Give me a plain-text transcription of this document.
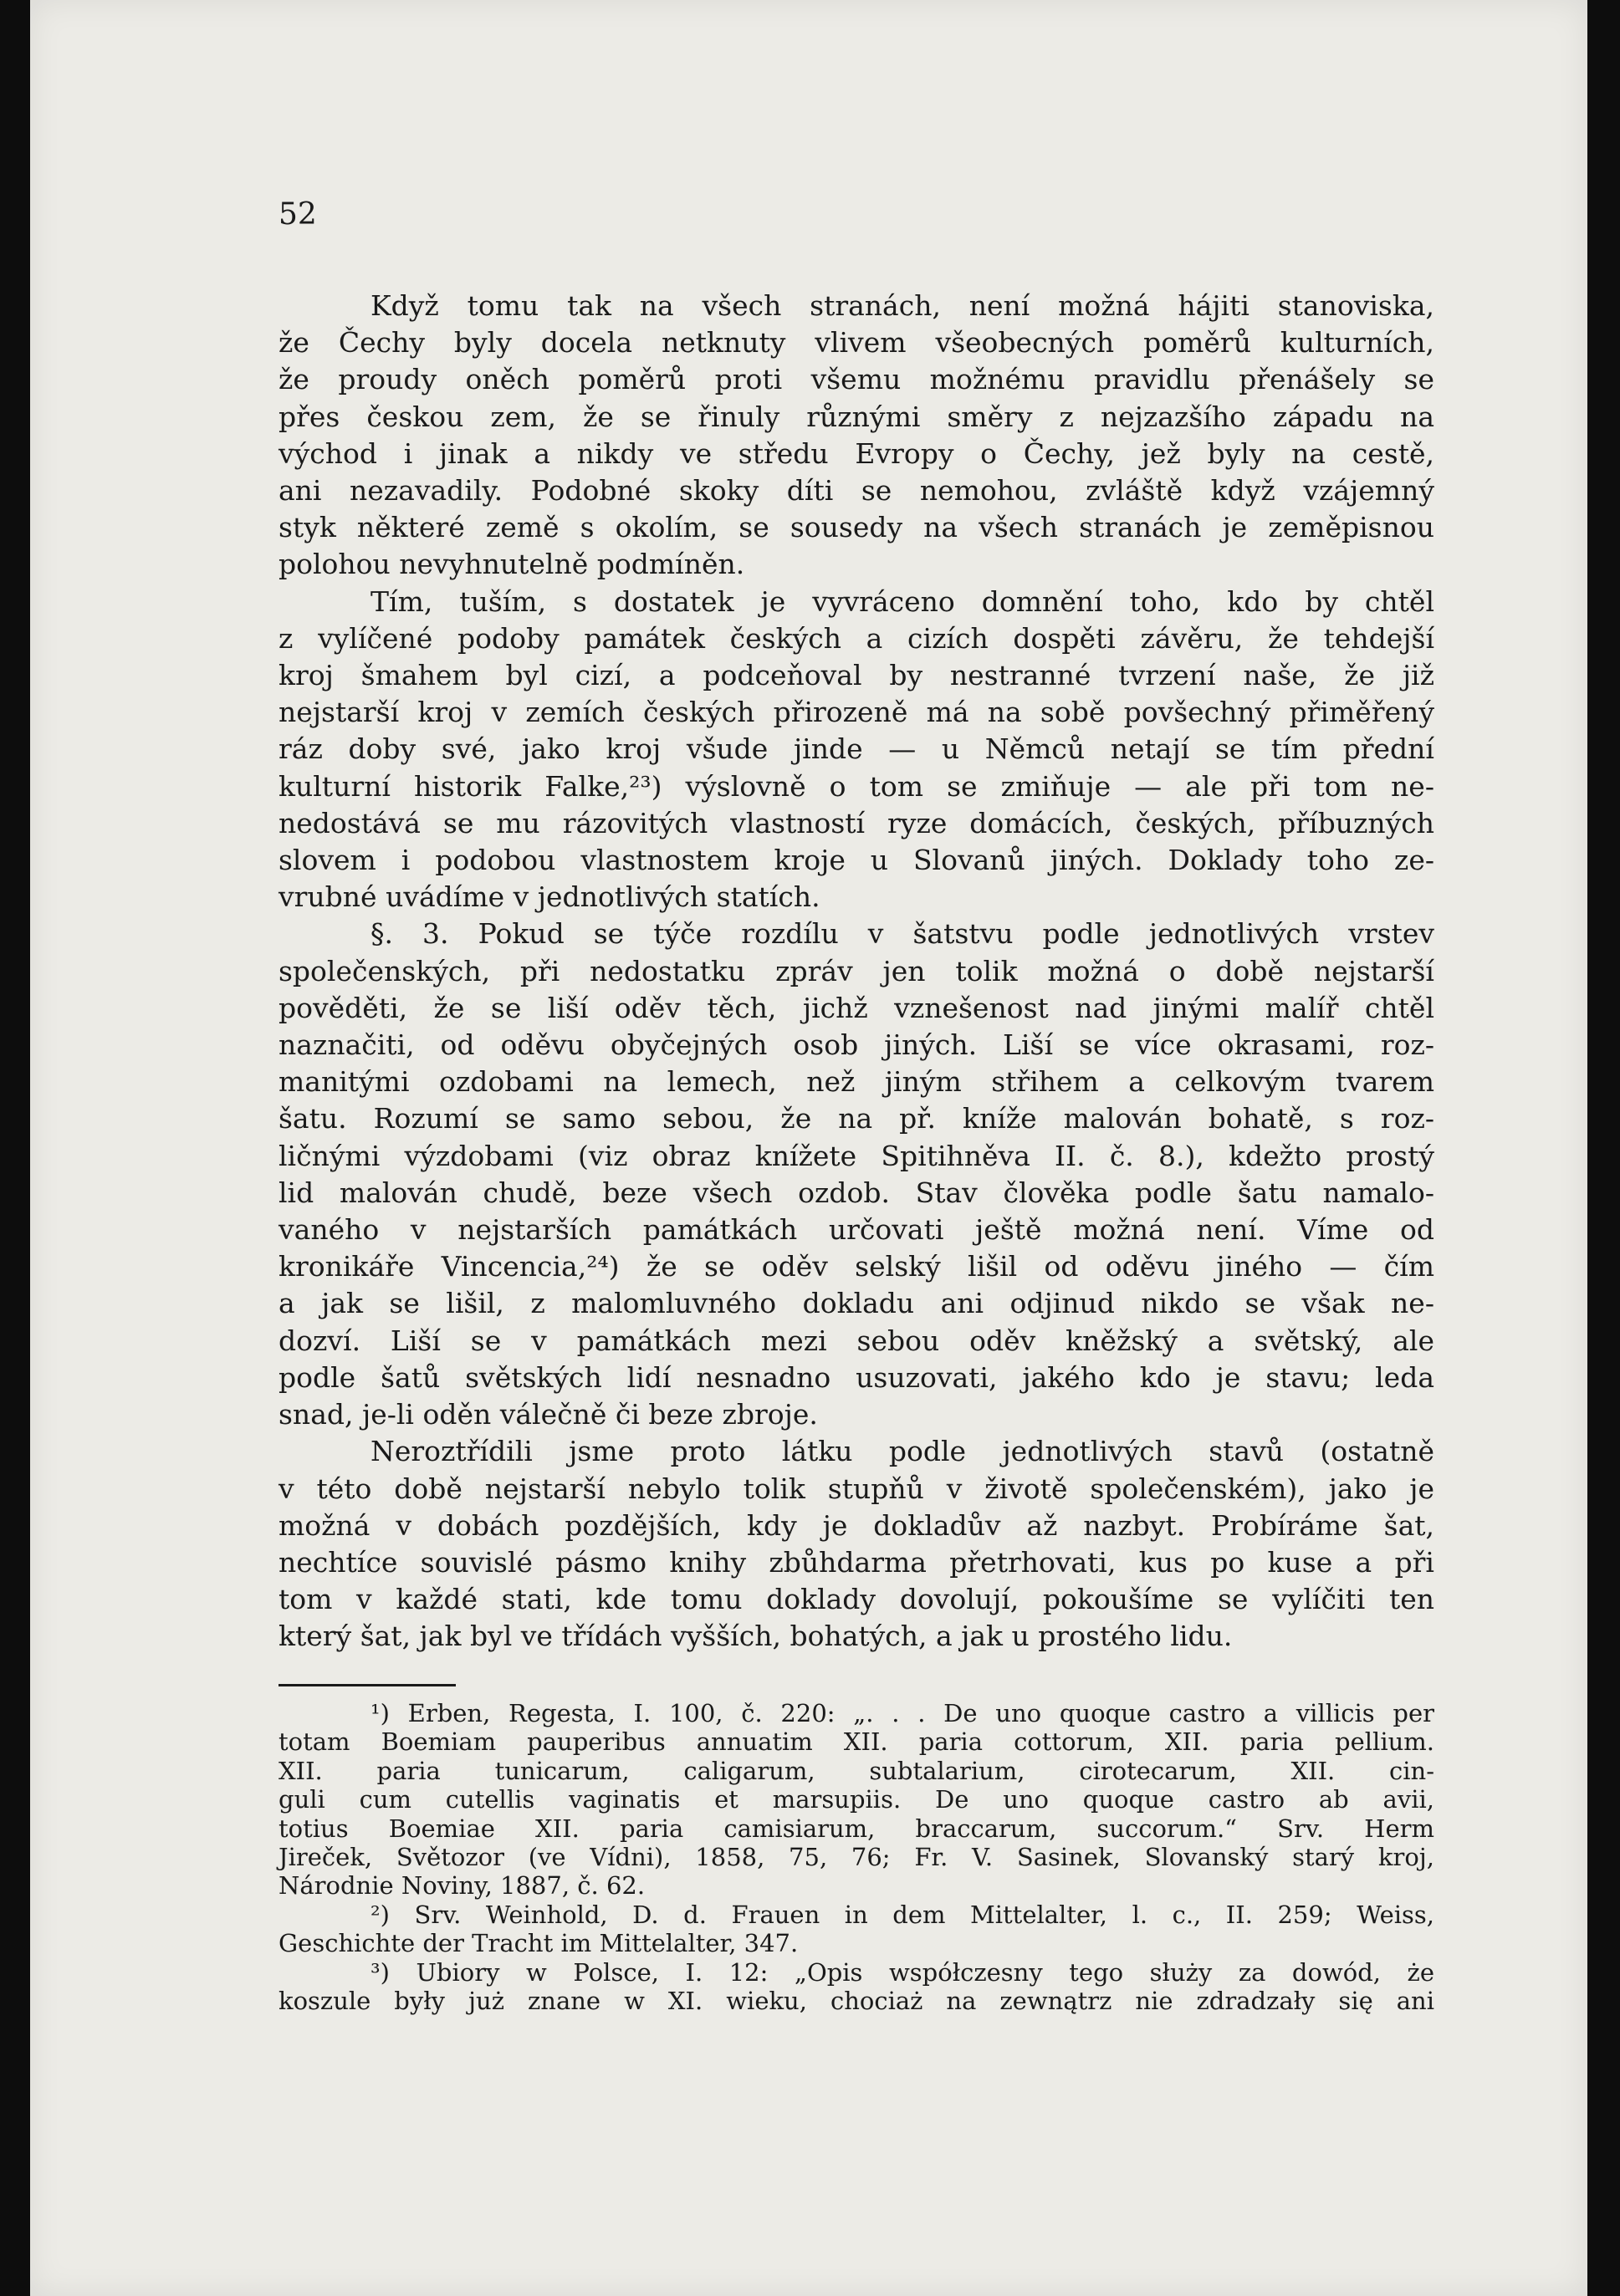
52

Když tomu tak na všech stranách, není možná hájiti stanoviska,
že Čechy byly docela netknuty vlivem všeobecných poměrů kulturních,
že proudy oněch poměrů proti všemu možnému pravidlu přenášely se
přes českou zem, že se řinuly různými směry z nejzazšího západu na
východ i jinak a nikdy ve středu Evropy o Čechy, jež byly na cestě,
ani nezavadily. Podobné skoky díti se nemohou, zvláště když vzájemný
styk některé země s okolím, se sousedy na všech stranách je zeměpisnou
polohou nevyhnutelně podmíněn.

Tím, tuším, s dostatek je vyvráceno domnění toho, kdo by chtěl
z vylíčené podoby památek českých a cizích dospěti závěru, že tehdejší
kroj šmahem byl cizí, a podceňoval by nestranné tvrzení naše, že již
nejstarší kroj v zemích českých přirozeně má na sobě povšechný přiměřený
ráz doby své, jako kroj všude jinde — u Němců netají se tím přední
kulturní historik Falke,²³) výslovně o tom se zmiňuje — ale při tom ne-
nedostává se mu rázovitých vlastností ryze domácích, českých, příbuzných
slovem i podobou vlastnostem kroje u Slovanů jiných. Doklady toho ze-
vrubné uvádíme v jednotlivých statích.

§. 3. Pokud se týče rozdílu v šatstvu podle jednotlivých vrstev
společenských, při nedostatku zpráv jen tolik možná o době nejstarší
pověděti, že se liší oděv těch, jichž vznešenost nad jinými malíř chtěl
naznačiti, od oděvu obyčejných osob jiných. Liší se více okrasami, roz-
manitými ozdobami na lemech, než jiným střihem a celkovým tvarem
šatu. Rozumí se samo sebou, že na př. kníže malován bohatě, s roz-
ličnými výzdobami (viz obraz knížete Spitihněva II. č. 8.), kdežto prostý
lid malován chudě, beze všech ozdob. Stav člověka podle šatu namalo-
vaného v nejstarších památkách určovati ještě možná není. Víme od
kronikáře Vincencia,²⁴) že se oděv selský lišil od oděvu jiného — čím
a jak se lišil, z malomluvného dokladu ani odjinud nikdo se však ne-
dozví. Liší se v památkách mezi sebou oděv kněžský a světský, ale
podle šatů světských lidí nesnadno usuzovati, jakého kdo je stavu; leda
snad, je-li oděn válečně či beze zbroje.

Neroztřídili jsme proto látku podle jednotlivých stavů (ostatně
v této době nejstarší nebylo tolik stupňů v životě společenském), jako je
možná v dobách pozdějších, kdy je dokladův až nazbyt. Probíráme šat,
nechtíce souvislé pásmo knihy zbůhdarma přetrhovati, kus po kuse a při
tom v každé stati, kde tomu doklady dovolují, pokoušíme se vylíčiti ten
který šat, jak byl ve třídách vyšších, bohatých, a jak u prostého lidu.

¹) Erben, Regesta, I. 100, č. 220: „. . . De uno quoque castro a villicis per
totam Boemiam pauperibus annuatim XII. paria cottorum, XII. paria pellium.
XII. paria tunicarum, caligarum, subtalarium, cirotecarum, XII. cin-
guli cum cutellis vaginatis et marsupiis. De uno quoque castro ab avii,
totius Boemiae XII. paria camisiarum, braccarum, succorum.“ Srv. Herm
Jireček, Světozor (ve Vídni), 1858, 75, 76; Fr. V. Sasinek, Slovanský starý kroj,
Národnie Noviny, 1887, č. 62.
²) Srv. Weinhold, D. d. Frauen in dem Mittelalter, l. c., II. 259; Weiss,
Geschichte der Tracht im Mittelalter, 347.
³) Ubiory w Polsce, I. 12: „Opis współczesny tego służy za dowód, że
koszule były już znane w XI. wieku, chociaż na zewnątrz nie zdradzały się ani
